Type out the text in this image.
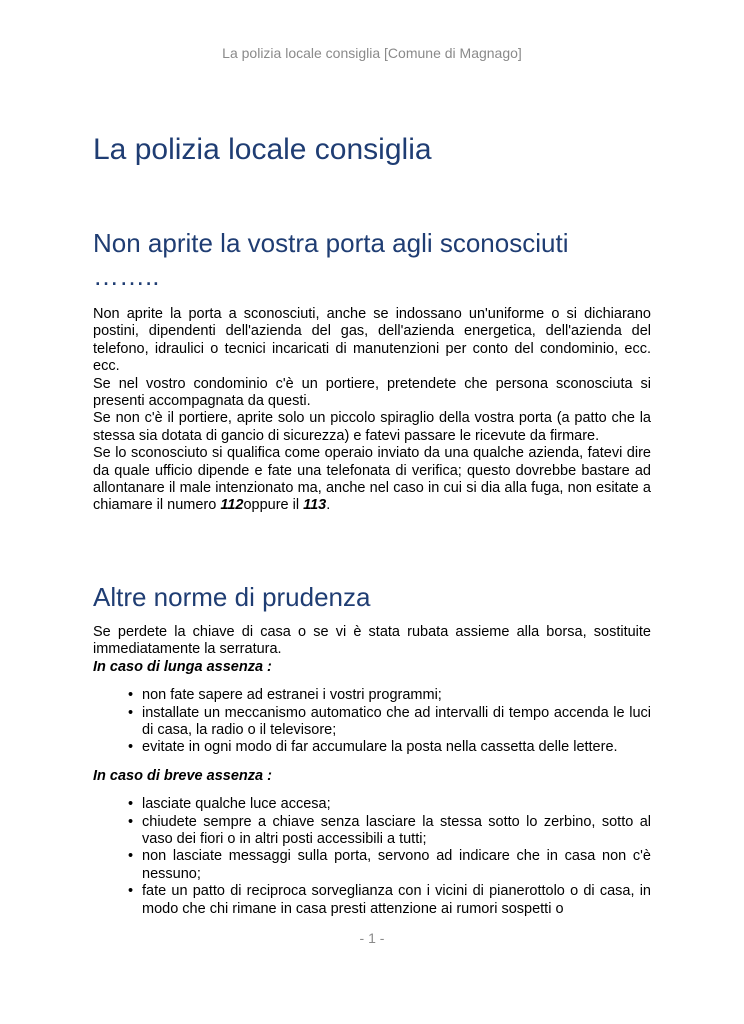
La polizia locale consiglia [Comune di Magnago]
La polizia locale consiglia
Non aprite la vostra porta agli sconosciuti
……..

Non aprite la porta a sconosciuti, anche se indossano un'uniforme o si dichiarano postini, dipendenti dell'azienda del gas, dell'azienda energetica, dell'azienda del telefono, idraulici o tecnici incaricati di manutenzioni per conto del condominio, ecc. ecc.

Se nel vostro condominio c'è un portiere, pretendete che persona sconosciuta si presenti accompagnata da questi.

Se non c'è il portiere, aprite solo un piccolo spiraglio della vostra porta (a patto che la stessa sia dotata di gancio di sicurezza) e fatevi passare le ricevute da firmare.

Se lo sconosciuto si qualifica come operaio inviato da una qualche azienda, fatevi dire da quale ufficio dipende e fate una telefonata di verifica; questo dovrebbe bastare ad allontanare il male intenzionato ma, anche nel caso in cui si dia alla fuga, non esitate a chiamare il numero 112oppure il 113.

Altre norme di prudenza

Se perdete la chiave di casa o se vi è stata rubata assieme alla borsa, sostituite immediatamente la serratura.

In caso di lunga assenza :

• non fate sapere ad estranei i vostri programmi;
• installate un meccanismo automatico che ad intervalli di tempo accenda le luci di casa, la radio o il televisore;
• evitate in ogni modo di far accumulare la posta nella cassetta delle lettere.

In caso di breve assenza :

• lasciate qualche luce accesa;
• chiudete sempre a chiave senza lasciare la stessa sotto lo zerbino, sotto al vaso dei fiori o in altri posti accessibili a tutti;
• non lasciate messaggi sulla porta, servono ad indicare che in casa non c'è nessuno;
• fate un patto di reciproca sorveglianza con i vicini di pianerottolo o di casa, in modo che chi rimane in casa presti attenzione ai rumori sospetti o
- 1 -
